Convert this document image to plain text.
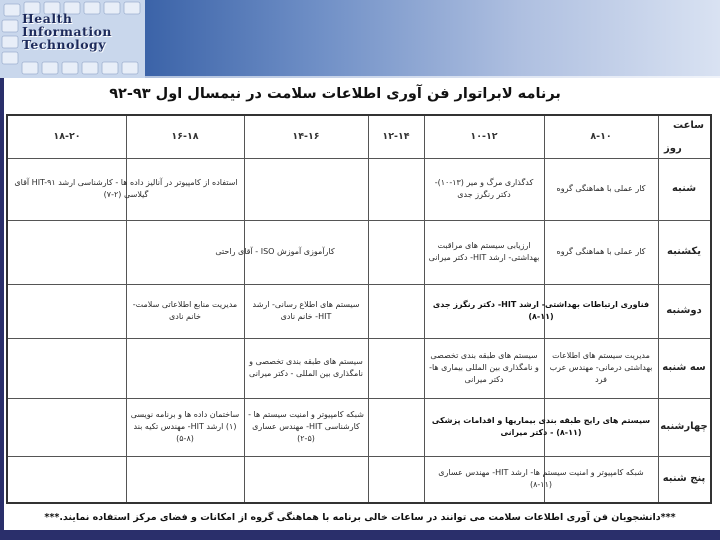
Health
Information
Technology
برنامه لابراتوار فن آوری اطلاعات سلامت در نیمسال اول ۹۳-۹۲
ساعت
روز
۸-۱۰
۱۰-۱۲
۱۲-۱۴
۱۴-۱۶
۱۶-۱۸
۱۸-۲۰
شنبه
یکشنبه
دوشنبه
سه شنبه
چهارشنبه
پنج شنبه
کار عملی با هماهنگی گروه
کدگذاری مرگ و میر (۱۳-۱۰)- دکتر رنگرز جدی
استفاده از کامپیوتر در آنالیز داده ها - کارشناسی ارشد HIT-۹۱ آقای گیلاسی (۲-۷)
کار عملی با هماهنگی گروه
ارزیابی سیستم های مراقبت بهداشتی- ارشد HIT- دکتر میرانی
کارآموزی آموزش ISO - آقای راحتی
فناوری ارتباطات بهداشتی- ارشد HIT- دکتر رنگرز جدی (۱۱-۸)
سیستم های اطلاع رسانی- ارشد HIT- خانم نادی
مدیریت منابع اطلاعاتی سلامت-خانم نادی
مدیریت سیستم های اطلاعات بهداشتی درمانی- مهندس عرب فرد
سیستم های طبقه بندی تخصصی و نامگذاری بین المللی بیماری ها- دکتر میرانی
سیستم های طبقه بندی تخصصی و نامگذاری بین المللی - دکتر میرانی
سیستم های رایج طبقه بندی بیماریها و اقدامات پزشکی (۱۱-۸) - دکتر میرانی
شبکه کامپیوتر و امنیت سیستم ها - کارشناسی HIT- مهندس عساری (۵-۲)
ساختمان داده ها و برنامه نویسی (۱) ارشد HIT- مهندس تکیه بند (۸-۵)
شبکه کامپیوتر و امنیت سیستم ها- ارشد HIT- مهندس عساری (۱۱-۸)
***دانشجویان فن آوری اطلاعات سلامت می توانند در ساعات خالی برنامه با هماهنگی گروه از امکانات و فضای مرکز استفاده نمایند.***
